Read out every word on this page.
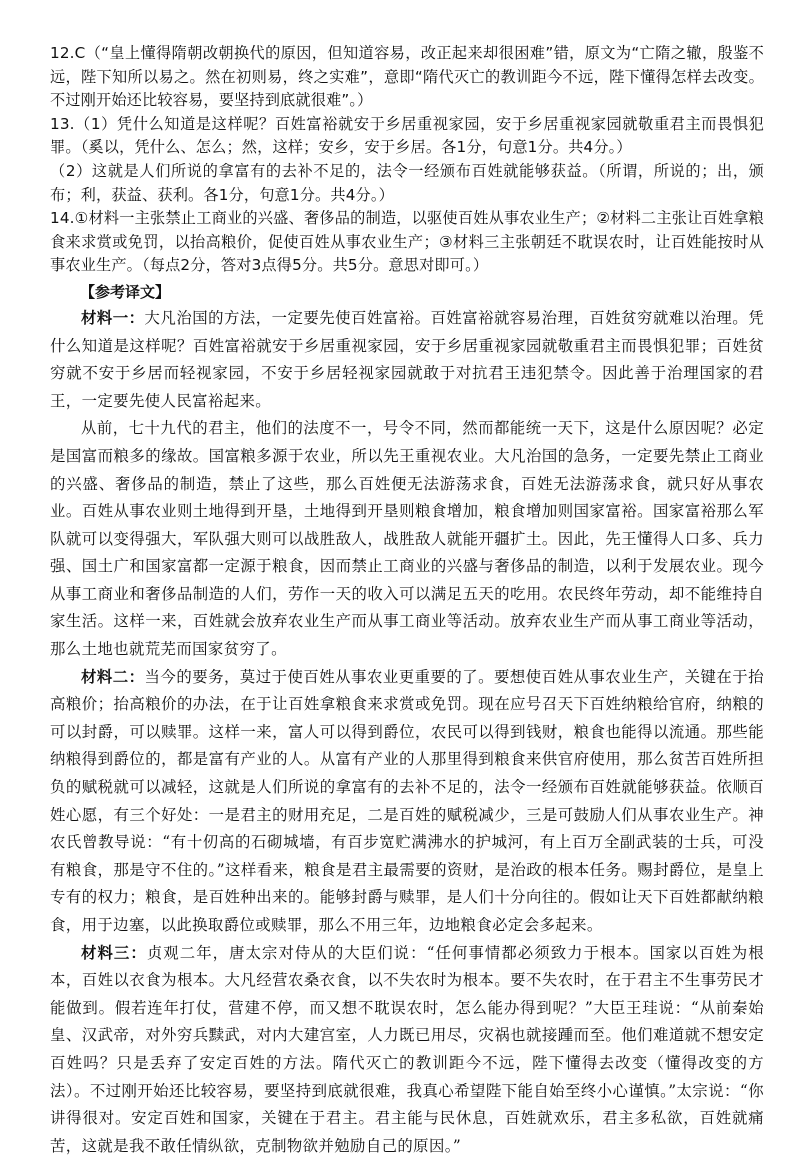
12.C（“皇上懂得隋朝改朝换代的原因，但知道容易，改正起来却很困难”错，原文为“亡隋之辙，殷鉴不远，陛下知所以易之。然在初则易，终之实难”，意即“隋代灭亡的教训距今不远，陛下懂得怎样去改变。不过刚开始还比较容易，要坚持到底就很难”。）

13.（1）凭什么知道是这样呢？百姓富裕就安于乡居重视家园，安于乡居重视家园就敬重君主而畏惧犯罪。（奚以，凭什么、怎么；然，这样；安乡，安于乡居。各1分，句意1分。共4分。）

（2）这就是人们所说的拿富有的去补不足的，法令一经颁布百姓就能够获益。（所谓，所说的；出，颁布；利，获益、获利。各1分，句意1分。共4分。）

14.①材料一主张禁止工商业的兴盛、奢侈品的制造，以驱使百姓从事农业生产；②材料二主张让百姓拿粮食来求赏或免罚，以抬高粮价，促使百姓从事农业生产；③材料三主张朝廷不耽误农时，让百姓能按时从事农业生产。（每点2分，答对3点得5分。共5分。意思对即可。）

【参考译文】

材料一：大凡治国的方法，一定要先使百姓富裕。百姓富裕就容易治理，百姓贫穷就难以治理。凭什么知道是这样呢？百姓富裕就安于乡居重视家园，安于乡居重视家园就敬重君主而畏惧犯罪；百姓贫穷就不安于乡居而轻视家园，不安于乡居轻视家园就敢于对抗君王违犯禁令。因此善于治理国家的君王，一定要先使人民富裕起来。

从前，七十九代的君主，他们的法度不一，号令不同，然而都能统一天下，这是什么原因呢？必定是国富而粮多的缘故。国富粮多源于农业，所以先王重视农业。大凡治国的急务，一定要先禁止工商业的兴盛、奢侈品的制造，禁止了这些，那么百姓便无法游荡求食，百姓无法游荡求食，就只好从事农业。百姓从事农业则土地得到开垦，土地得到开垦则粮食增加，粮食增加则国家富裕。国家富裕那么军队就可以变得强大，军队强大则可以战胜敌人，战胜敌人就能开疆扩土。因此，先王懂得人口多、兵力强、国土广和国家富都一定源于粮食，因而禁止工商业的兴盛与奢侈品的制造，以利于发展农业。现今从事工商业和奢侈品制造的人们，劳作一天的收入可以满足五天的吃用。农民终年劳动，却不能维持自家生活。这样一来，百姓就会放弃农业生产而从事工商业等活动。放弃农业生产而从事工商业等活动，那么土地也就荒芜而国家贫穷了。

材料二：当今的要务，莫过于使百姓从事农业更重要的了。要想使百姓从事农业生产，关键在于抬高粮价；抬高粮价的办法，在于让百姓拿粮食来求赏或免罚。现在应号召天下百姓纳粮给官府，纳粮的可以封爵，可以赎罪。这样一来，富人可以得到爵位，农民可以得到钱财，粮食也能得以流通。那些能纳粮得到爵位的，都是富有产业的人。从富有产业的人那里得到粮食来供官府使用，那么贫苦百姓所担负的赋税就可以减轻，这就是人们所说的拿富有的去补不足的，法令一经颁布百姓就能够获益。依顺百姓心愿，有三个好处：一是君主的财用充足，二是百姓的赋税减少，三是可鼓励人们从事农业生产。神农氏曾教导说：“有十仞高的石砌城墙，有百步宽贮满沸水的护城河，有上百万全副武装的士兵，可没有粮食，那是守不住的。”这样看来，粮食是君主最需要的资财，是治政的根本任务。赐封爵位，是皇上专有的权力；粮食，是百姓种出来的。能够封爵与赎罪，是人们十分向往的。假如让天下百姓都献纳粮食，用于边塞，以此换取爵位或赎罪，那么不用三年，边地粮食必定会多起来。

材料三：贞观二年，唐太宗对侍从的大臣们说：“任何事情都必须致力于根本。国家以百姓为根本，百姓以衣食为根本。大凡经营农桑衣食，以不失农时为根本。要不失农时，在于君主不生事劳民才能做到。假若连年打仗，营建不停，而又想不耽误农时，怎么能办得到呢？”大臣王珪说：“从前秦始皇、汉武帝，对外穷兵黩武，对内大建宫室，人力既已用尽，灾祸也就接踵而至。他们难道就不想安定百姓吗？只是丢弃了安定百姓的方法。隋代灭亡的教训距今不远，陛下懂得去改变（懂得改变的方法）。不过刚开始还比较容易，要坚持到底就很难，我真心希望陛下能自始至终小心谨慎。”太宗说：“你讲得很对。安定百姓和国家，关键在于君主。君主能与民休息，百姓就欢乐，君主多私欲，百姓就痛苦，这就是我不敢任情纵欲，克制物欲并勉励自己的原因。”
